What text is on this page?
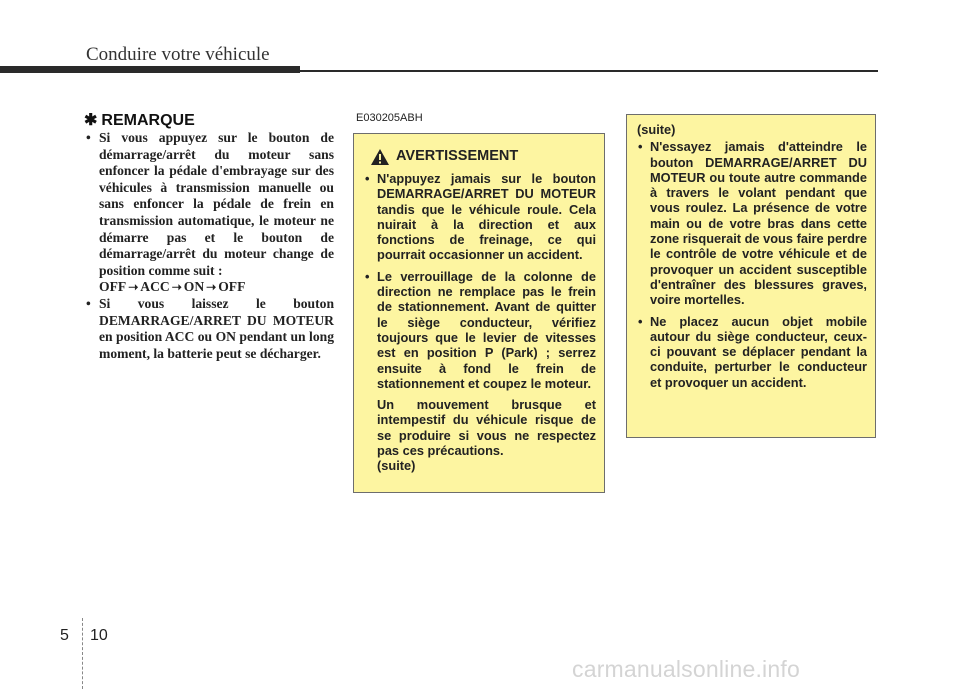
Conduire votre véhicule
✱ REMARQUE
• Si vous appuyez sur le bouton de démarrage/arrêt du moteur sans enfoncer la pédale d'embrayage sur des véhicules à transmission manuelle ou sans enfoncer la pédale de frein en transmission automatique, le moteur ne démarre pas et le bouton de démarrage/arrêt du moteur change de position comme suit :
OFF ➝ ACC ➝ ON ➝ OFF
• Si vous laissez le bouton DEMARRAGE/ARRET DU MOTEUR en position ACC ou ON pendant un long moment, la batterie peut se décharger.
E030205ABH
AVERTISSEMENT
• N'appuyez jamais sur le bouton DEMARRAGE/ARRET DU MOTEUR tandis que le véhicule roule. Cela nuirait à la direction et aux fonctions de freinage, ce qui pourrait occasionner un accident.
• Le verrouillage de la colonne de direction ne remplace pas le frein de stationnement. Avant de quitter le siège conducteur, vérifiez toujours que le levier de vitesses est en position P (Park) ; serrez ensuite à fond le frein de stationnement et coupez le moteur.
Un mouvement brusque et intempestif du véhicule risque de se produire si vous ne respectez pas ces précautions.
(suite)
(suite)
• N'essayez jamais d'atteindre le bouton DEMARRAGE/ARRET DU MOTEUR ou toute autre commande à travers le volant pendant que vous roulez. La présence de votre main ou de votre bras dans cette zone risquerait de vous faire perdre le contrôle de votre véhicule et de provoquer un accident susceptible d'entraîner des blessures graves, voire mortelles.
• Ne placez aucun objet mobile autour du siège conducteur, ceux-ci pouvant se déplacer pendant la conduite, perturber le conducteur et provoquer un accident.
5 10
carmanualsonline.info
